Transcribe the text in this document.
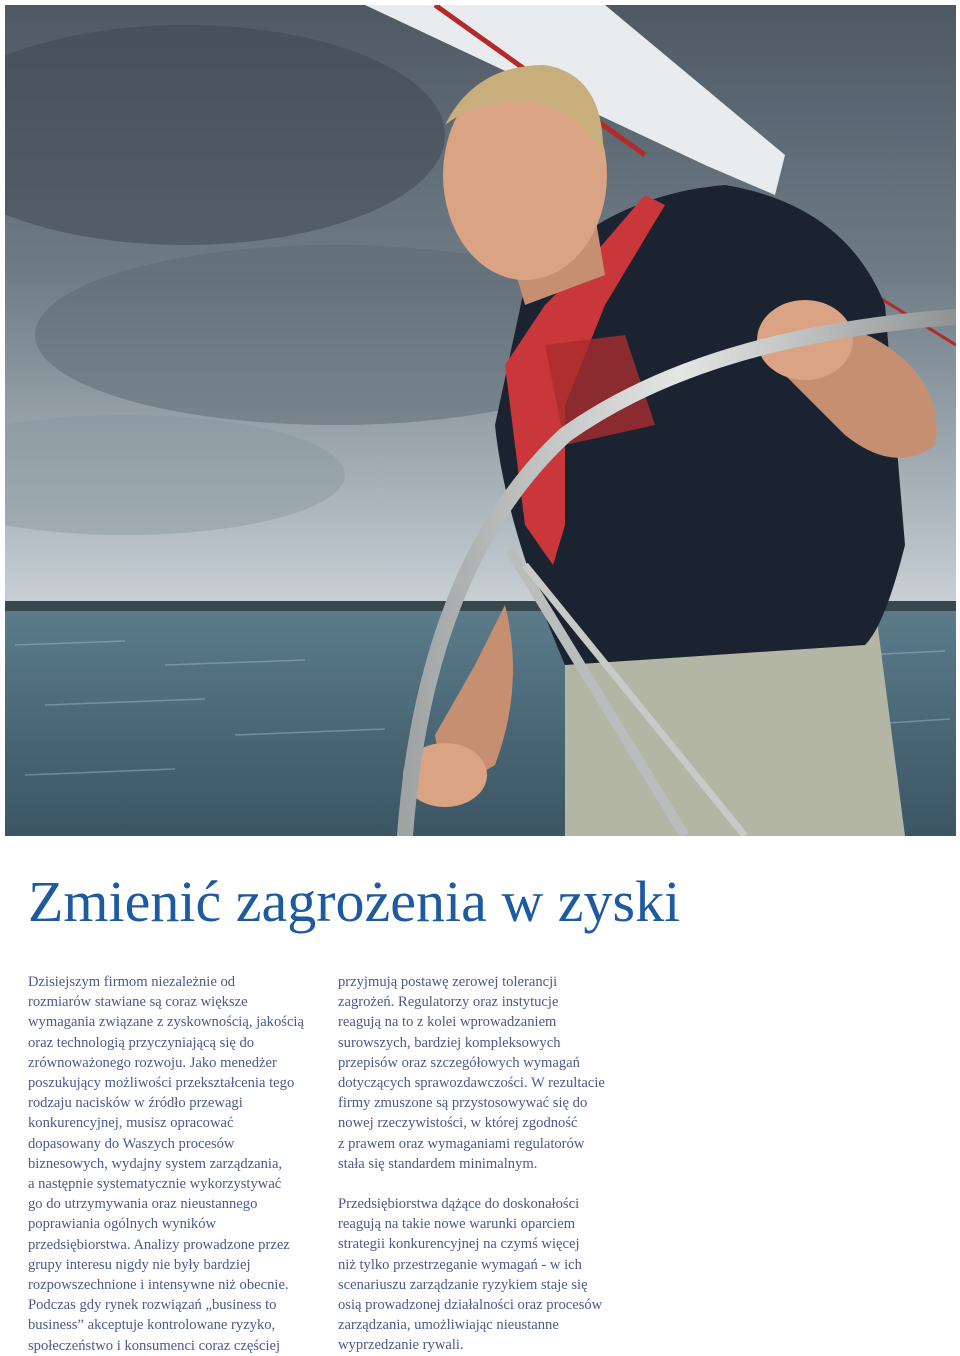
Zmienić zagrożenia w zyski

Dzisiejszym firmom niezależnie od
rozmiarów stawiane są coraz większe
wymagania związane z zyskownością, jakością
oraz technologią przyczyniającą się do
zrównoważonego rozwoju. Jako menedżer
poszukujący możliwości przekształcenia tego
rodzaju nacisków w źródło przewagi
konkurencyjnej, musisz opracować
dopasowany do Waszych procesów
biznesowych, wydajny system zarządzania,
a następnie systematycznie wykorzystywać
go do utrzymywania oraz nieustannego
poprawiania ogólnych wyników
przedsiębiorstwa. Analizy prowadzone przez
grupy interesu nigdy nie były bardziej
rozpowszechnione i intensywne niż obecnie.
Podczas gdy rynek rozwiązań „business to
business” akceptuje kontrolowane ryzyko,
społeczeństwo i konsumenci coraz częściej

przyjmują postawę zerowej tolerancji
zagrożeń. Regulatorzy oraz instytucje
reagują na to z kolei wprowadzaniem
surowszych, bardziej kompleksowych
przepisów oraz szczegółowych wymagań
dotyczących sprawozdawczości. W rezultacie
firmy zmuszone są przystosowywać się do
nowej rzeczywistości, w której zgodność
z prawem oraz wymaganiami regulatorów
stała się standardem minimalnym.

Przedsiębiorstwa dążące do doskonałości
reagują na takie nowe warunki oparciem
strategii konkurencyjnej na czymś więcej
niż tylko przestrzeganie wymagań - w ich
scenariuszu zarządzanie ryzykiem staje się
osią prowadzonej działalności oraz procesów
zarządzania, umożliwiając nieustanne
wyprzedzanie rywali.
